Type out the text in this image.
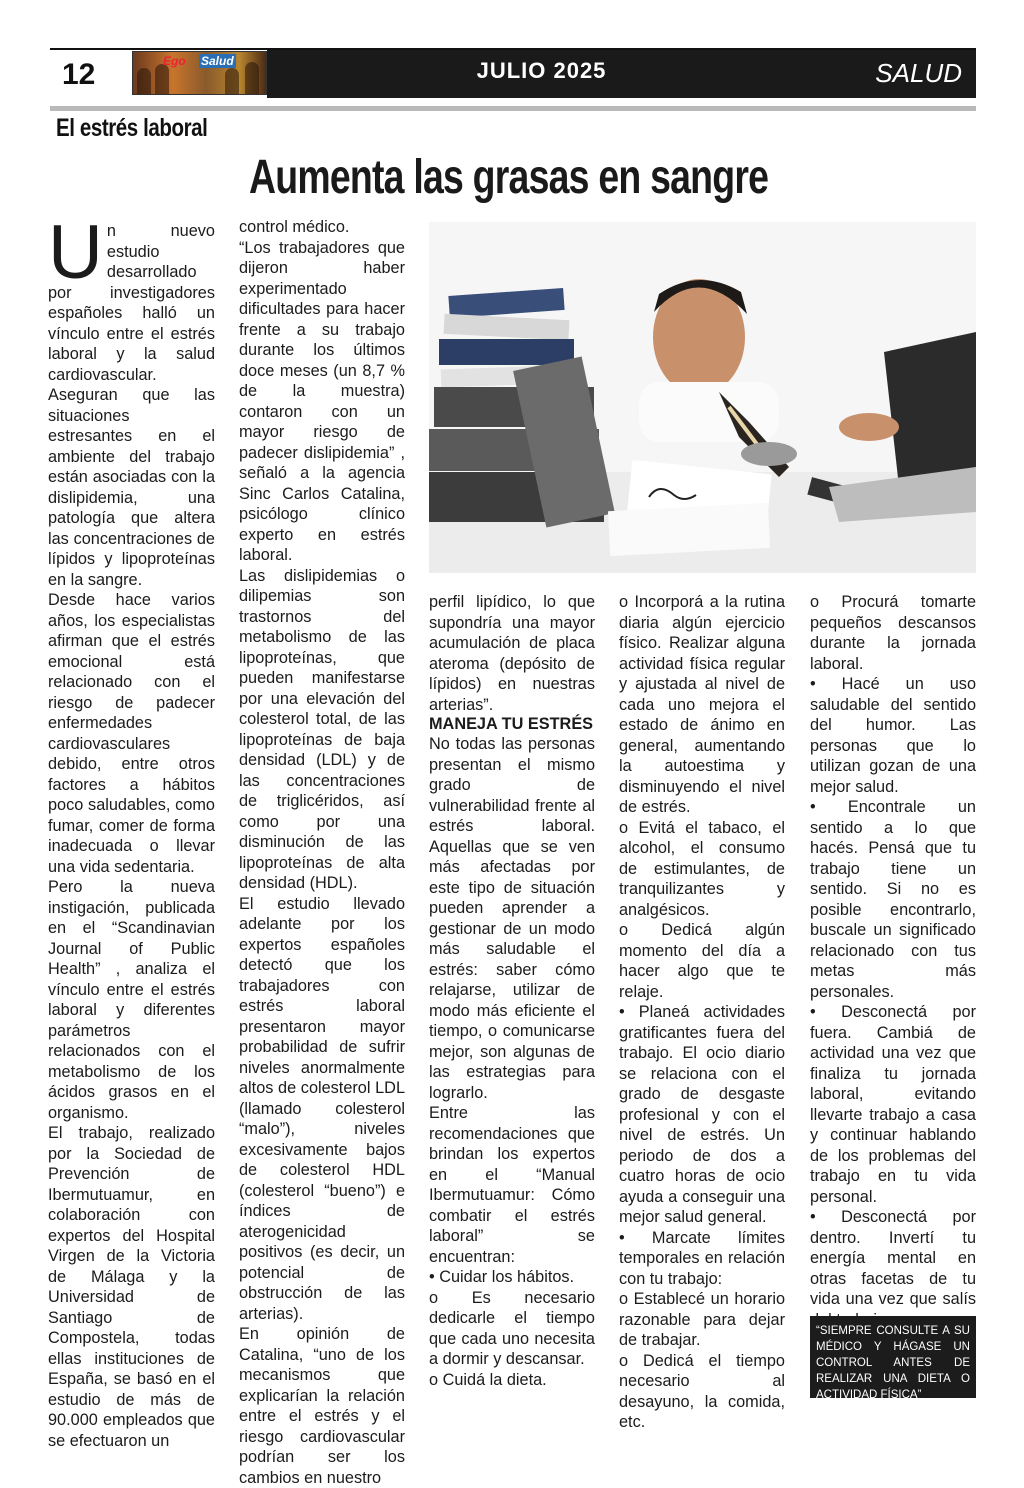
12	Ego Salud	JULIO 2025	SALUD
El estrés laboral
Aumenta las grasas en sangre

Un nuevo estudio desarrollado por investigadores españoles halló un vínculo entre el estrés laboral y la salud cardiovascular. Aseguran que las situaciones estresantes en el ambiente del trabajo están asociadas con la dislipidemia, una patología que altera las concentraciones de lípidos y lipoproteínas en la sangre.

Desde hace varios años, los especialistas afirman que el estrés emocional está relacionado con el riesgo de padecer enfermedades cardiovasculares debido, entre otros factores a hábitos poco saludables, como fumar, comer de forma inadecuada o llevar una vida sedentaria.

Pero la nueva instigación, publicada en el “Scandinavian Journal of Public Health” , analiza el vínculo entre el estrés laboral y diferentes parámetros relacionados con el metabolismo de los ácidos grasos en el organismo.

El trabajo, realizado por la Sociedad de Prevención de Ibermutuamur, en colaboración con expertos del Hospital Virgen de la Victoria de Málaga y la Universidad de Santiago de Compostela, todas ellas instituciones de España, se basó en el estudio de más de 90.000 empleados que se efectuaron un

control médico.

“Los trabajadores que dijeron haber experimentado dificultades para hacer frente a su trabajo durante los últimos doce meses (un 8,7 % de la muestra) contaron con un mayor riesgo de padecer dislipidemia” , señaló a la agencia Sinc Carlos Catalina, psicólogo clínico experto en estrés laboral.

Las dislipidemias o dilipemias son trastornos del metabolismo de las lipoproteínas, que pueden manifestarse por una elevación del colesterol total, de las lipoproteínas de baja densidad (LDL) y de las concentraciones de triglicéridos, así como por una disminución de las lipoproteínas de alta densidad (HDL).

El estudio llevado adelante por los expertos españoles detectó que los trabajadores con estrés laboral presentaron mayor probabilidad de sufrir niveles anormalmente altos de colesterol LDL (llamado colesterol “malo”), niveles excesivamente bajos de colesterol HDL (colesterol “bueno”) e índices de aterogenicidad positivos (es decir, un potencial de obstrucción de las arterias).

En opinión de Catalina, “uno de los mecanismos que explicarían la relación entre el estrés y el riesgo cardiovascular podrían ser los cambios en nuestro

perfil lipídico, lo que supondría una mayor acumulación de placa ateroma (depósito de lípidos) en nuestras arterias”.

MANEJA TU ESTRÉS

No todas las personas presentan el mismo grado de vulnerabilidad frente al estrés laboral. Aquellas que se ven más afectadas por este tipo de situación pueden aprender a gestionar de un modo más saludable el estrés: saber cómo relajarse, utilizar de modo más eficiente el tiempo, o comunicarse mejor, son algunas de las estrategias para lograrlo.

Entre las recomendaciones que brindan los expertos en el “Manual Ibermutuamur: Cómo combatir el estrés laboral” se encuentran:

• Cuidar los hábitos.

o Es necesario dedicarle el tiempo que cada uno necesita a dormir y descansar.

o Cuidá la dieta.

o Incorporá a la rutina diaria algún ejercicio físico. Realizar alguna actividad física regular y ajustada al nivel de cada uno mejora el estado de ánimo en general, aumentando la autoestima y disminuyendo el nivel de estrés.

o Evitá el tabaco, el alcohol, el consumo de estimulantes, de tranquilizantes y analgésicos.

o Dedicá algún momento del día a hacer algo que te relaje.

• Planeá actividades gratificantes fuera del trabajo. El ocio diario se relaciona con el grado de desgaste profesional y con el nivel de estrés. Un periodo de dos a cuatro horas de ocio ayuda a conseguir una mejor salud general.

• Marcate límites temporales en relación con tu trabajo:

o Establecé un horario razonable para dejar de trabajar.

o Dedicá el tiempo necesario al desayuno, la comida, etc.

o Procurá tomarte pequeños descansos durante la jornada laboral.

• Hacé un uso saludable del sentido del humor. Las personas que lo utilizan gozan de una mejor salud.

• Encontrale un sentido a lo que hacés. Pensá que tu trabajo tiene un sentido. Si no es posible encontrarlo, buscale un significado relacionado con tus metas más personales.

• Desconectá por fuera. Cambiá de actividad una vez que finaliza tu jornada laboral, evitando llevarte trabajo a casa y continuar hablando de los problemas del trabajo en tu vida personal.

• Desconectá por dentro. Invertí tu energía mental en otras facetas de tu vida una vez que salís

“SIEMPRE CONSULTE A SU MÉDICO Y HÁGASE UN CONTROL ANTES DE REALIZAR UNA DIETA O ACTIVIDAD FÍSICA”
